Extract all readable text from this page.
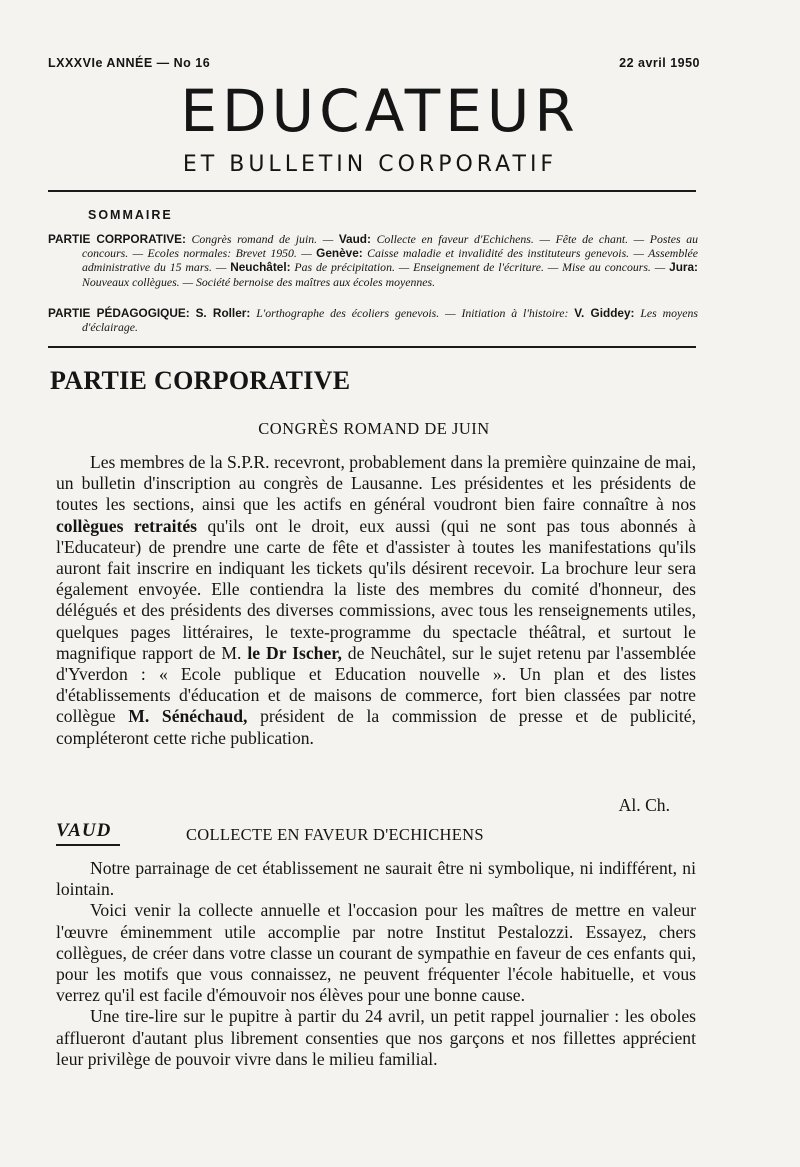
LXXXVIe ANNÉE — No 16	22 avril 1950
EDUCATEUR
ET BULLETIN CORPORATIF
SOMMAIRE
PARTIE CORPORATIVE: Congrès romand de juin. — Vaud: Collecte en faveur d'Echichens. — Fête de chant. — Postes au concours. — Ecoles normales: Brevet 1950. — Genève: Caisse maladie et invalidité des instituteurs genevois. — Assemblée administrative du 15 mars. — Neuchâtel: Pas de précipitation. — Enseignement de l'écriture. — Mise au concours. — Jura: Nouveaux collègues. — Société bernoise des maîtres aux écoles moyennes.
PARTIE PÉDAGOGIQUE: S. Roller: L'orthographe des écoliers genevois. — Initiation à l'histoire: V. Giddey: Les moyens d'éclairage.
PARTIE CORPORATIVE
CONGRÈS ROMAND DE JUIN

Les membres de la S.P.R. recevront, probablement dans la première quinzaine de mai, un bulletin d'inscription au congrès de Lausanne. Les présidentes et les présidents de toutes les sections, ainsi que les actifs en général voudront bien faire connaître à nos collègues retraités qu'ils ont le droit, eux aussi (qui ne sont pas tous abonnés à l'Educateur) de prendre une carte de fête et d'assister à toutes les manifestations qu'ils auront fait inscrire en indiquant les tickets qu'ils désirent recevoir. La brochure leur sera également envoyée. Elle contiendra la liste des membres du comité d'honneur, des délégués et des présidents des diverses commissions, avec tous les renseignements utiles, quelques pages littéraires, le texte-programme du spectacle théâtral, et surtout le magnifique rapport de M. le Dr Ischer, de Neuchâtel, sur le sujet retenu par l'assemblée d'Yverdon : « Ecole publique et Education nouvelle ». Un plan et des listes d'établissements d'éducation et de maisons de commerce, fort bien classées par notre collègue M. Sénéchaud, président de la commission de presse et de publicité, compléteront cette riche publication.

Al. Ch.
VAUD	COLLECTE EN FAVEUR D'ECHICHENS

Notre parrainage de cet établissement ne saurait être ni symbolique, ni indifférent, ni lointain.

Voici venir la collecte annuelle et l'occasion pour les maîtres de mettre en valeur l'œuvre éminemment utile accomplie par notre Institut Pestalozzi. Essayez, chers collègues, de créer dans votre classe un courant de sympathie en faveur de ces enfants qui, pour les motifs que vous connaissez, ne peuvent fréquenter l'école habituelle, et vous verrez qu'il est facile d'émouvoir nos élèves pour une bonne cause.

Une tire-lire sur le pupitre à partir du 24 avril, un petit rappel journalier : les oboles afflueront d'autant plus librement consenties que nos garçons et nos fillettes apprécient leur privilège de pouvoir vivre dans le milieu familial.
